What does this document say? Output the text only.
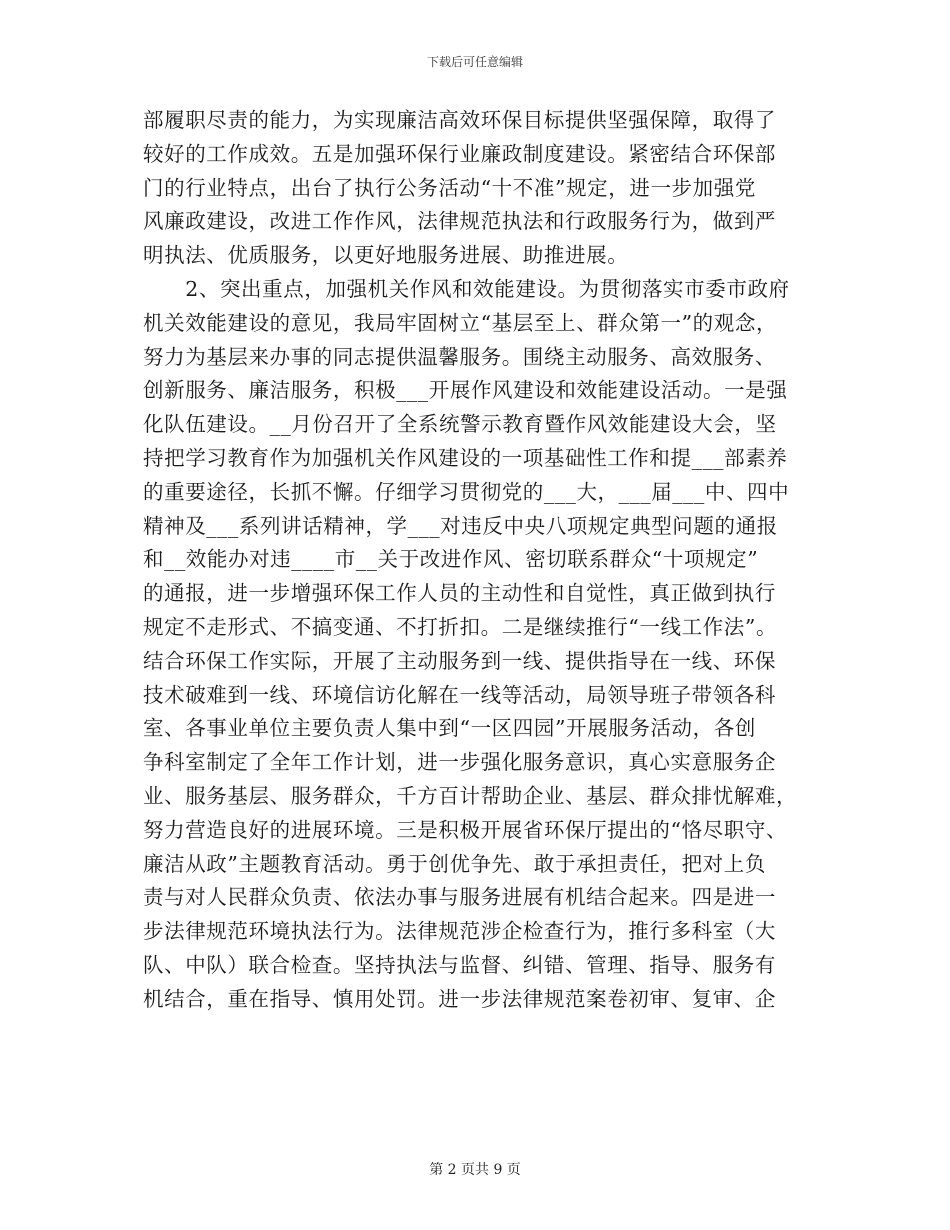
下载后可任意编辑
部履职尽责的能力，为实现廉洁高效环保目标提供坚强保障，取得了
较好的工作成效。五是加强环保行业廉政制度建设。紧密结合环保部
门的行业特点，出台了执行公务活动“十不准”规定，进一步加强党
风廉政建设，改进工作作风，法律规范执法和行政服务行为，做到严
明执法、优质服务，以更好地服务进展、助推进展。
　　2、突出重点，加强机关作风和效能建设。为贯彻落实市委市政府
机关效能建设的意见，我局牢固树立“基层至上、群众第一”的观念，
努力为基层来办事的同志提供温馨服务。围绕主动服务、高效服务、
创新服务、廉洁服务，积极___开展作风建设和效能建设活动。一是强
化队伍建设。__月份召开了全系统警示教育暨作风效能建设大会，坚
持把学习教育作为加强机关作风建设的一项基础性工作和提___部素养
的重要途径，长抓不懈。仔细学习贯彻党的___大，___届___中、四中
精神及___系列讲话精神，学___对违反中央八项规定典型问题的通报
和__效能办对违____市__关于改进作风、密切联系群众“十项规定”
的通报，进一步增强环保工作人员的主动性和自觉性，真正做到执行
规定不走形式、不搞变通、不打折扣。二是继续推行“一线工作法”。
结合环保工作实际，开展了主动服务到一线、提供指导在一线、环保
技术破难到一线、环境信访化解在一线等活动，局领导班子带领各科
室、各事业单位主要负责人集中到“一区四园”开展服务活动，各创
争科室制定了全年工作计划，进一步强化服务意识，真心实意服务企
业、服务基层、服务群众，千方百计帮助企业、基层、群众排忧解难，
努力营造良好的进展环境。三是积极开展省环保厅提出的“恪尽职守、
廉洁从政”主题教育活动。勇于创优争先、敢于承担责任，把对上负
责与对人民群众负责、依法办事与服务进展有机结合起来。四是进一
步法律规范环境执法行为。法律规范涉企检查行为，推行多科室（大
队、中队）联合检查。坚持执法与监督、纠错、管理、指导、服务有
机结合，重在指导、慎用处罚。进一步法律规范案卷初审、复审、企
第 2 页共 9 页
